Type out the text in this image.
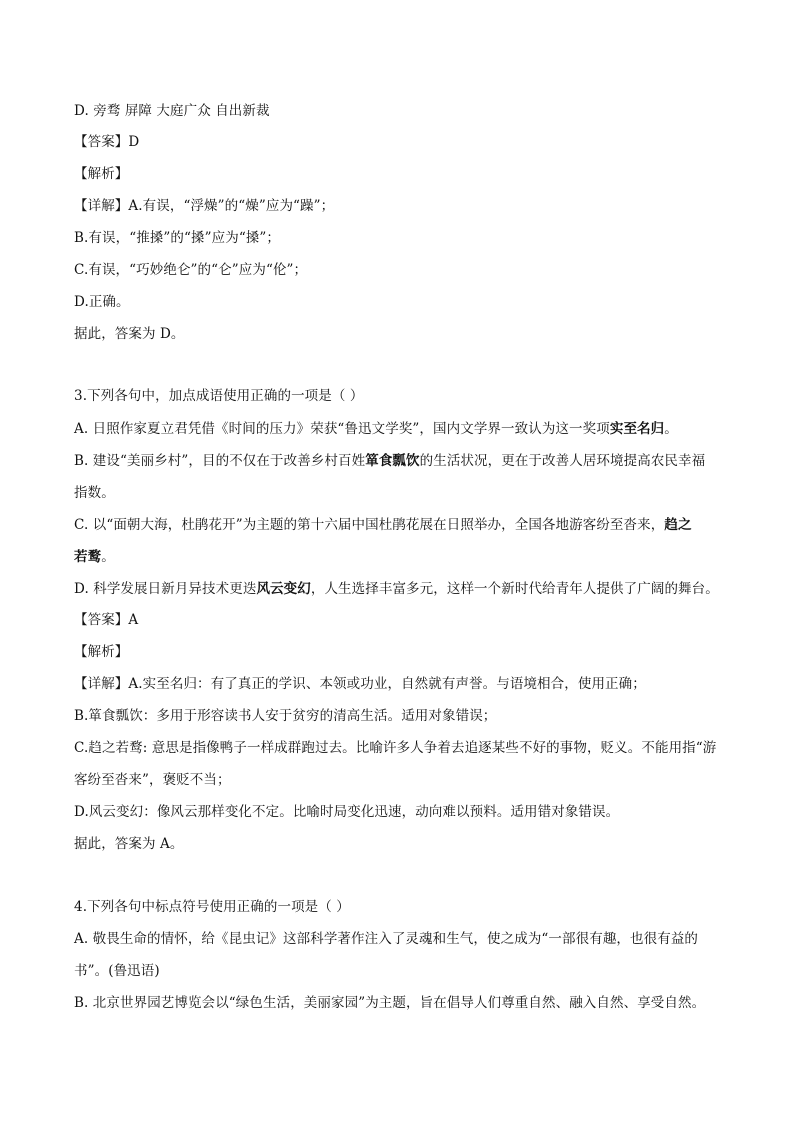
D. 旁骛 屏障 大庭广众 自出新裁
【答案】D
【解析】
【详解】A.有误，“浮燥”的“燥”应为“躁”；
B.有误，“推搡”的“搡”应为“搡”；
C.有误，“巧妙绝仑”的“仑”应为“伦”；
D.正确。
据此，答案为 D。
3.下列各句中，加点成语使用正确的一项是（ ）
A. 日照作家夏立君凭借《时间的压力》荣获“鲁迅文学奖”，国内文学界一致认为这一奖项实至名归。
B. 建设“美丽乡村”，目的不仅在于改善乡村百姓箪食瓢饮的生活状况，更在于改善人居环境提高农民幸福
指数。
C. 以“面朝大海，杜鹃花开”为主题的第十六届中国杜鹃花展在日照举办，全国各地游客纷至沓来，趋之
若鹜。
D. 科学发展日新月异技术更迭风云变幻，人生选择丰富多元，这样一个新时代给青年人提供了广阔的舞台。
【答案】A
【解析】
【详解】A.实至名归：有了真正的学识、本领或功业，自然就有声誉。与语境相合，使用正确；
B.箪食瓢饮：多用于形容读书人安于贫穷的清高生活。适用对象错误；
C.趋之若鹜: 意思是指像鸭子一样成群跑过去。比喻许多人争着去追逐某些不好的事物，贬义。不能用指“游
客纷至沓来”，褒贬不当；
D.风云变幻：像风云那样变化不定。比喻时局变化迅速，动向难以预料。适用错对象错误。
据此，答案为 A。
4.下列各句中标点符号使用正确的一项是（ ）
A. 敬畏生命的情怀，给《昆虫记》这部科学著作注入了灵魂和生气，使之成为“一部很有趣，也很有益的
书”。(鲁迅语)
B. 北京世界园艺博览会以“绿色生活，美丽家园”为主题，旨在倡导人们尊重自然、融入自然、享受自然。
